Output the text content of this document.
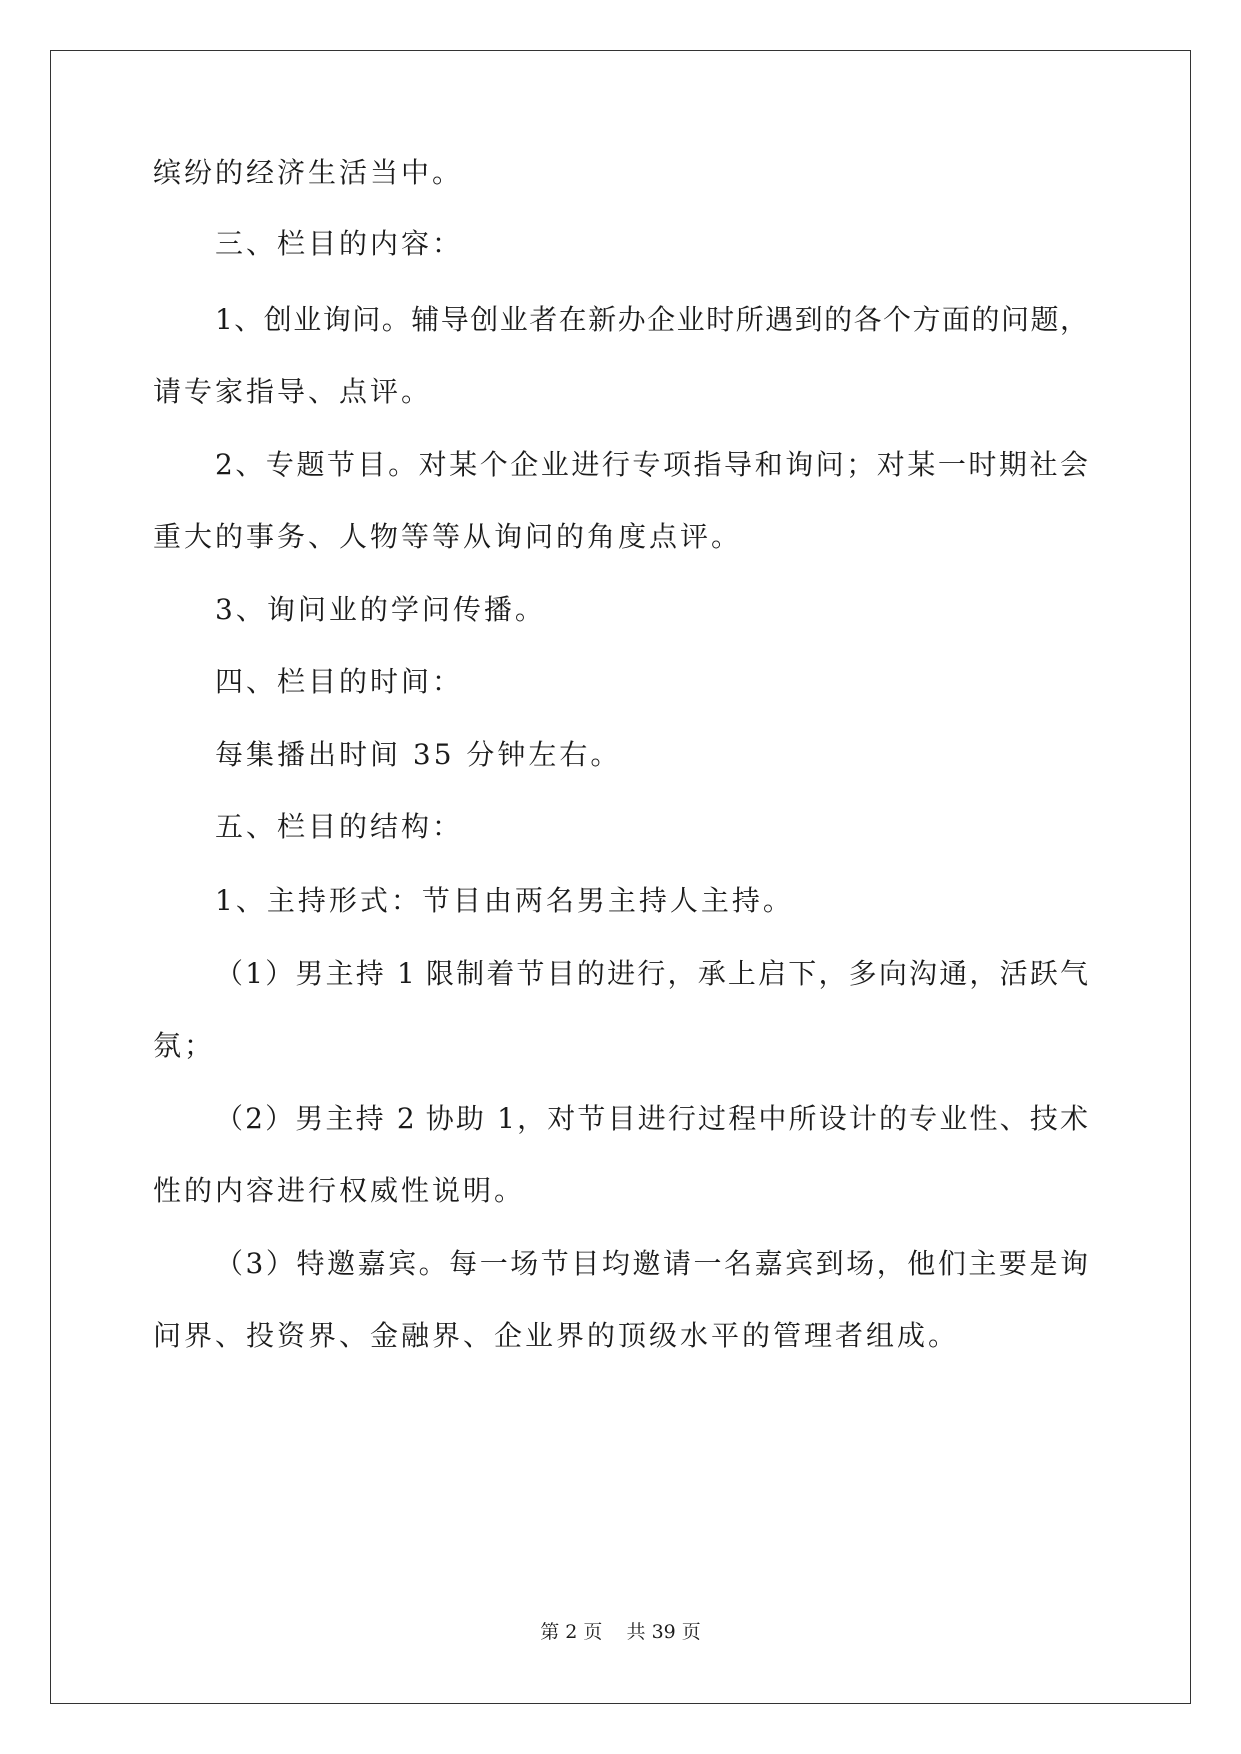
缤纷的经济生活当中。
三、栏目的内容：
1、创业询问。辅导创业者在新办企业时所遇到的各个方面的问题，
请专家指导、点评。
2、专题节目。对某个企业进行专项指导和询问；对某一时期社会
重大的事务、人物等等从询问的角度点评。
3、询问业的学问传播。
四、栏目的时间：
每集播出时间 35 分钟左右。
五、栏目的结构：
1、主持形式：节目由两名男主持人主持。
（1）男主持 1 限制着节目的进行，承上启下，多向沟通，活跃气
氛；
（2）男主持 2 协助 1，对节目进行过程中所设计的专业性、技术
性的内容进行权威性说明。
（3）特邀嘉宾。每一场节目均邀请一名嘉宾到场，他们主要是询
问界、投资界、金融界、企业界的顶级水平的管理者组成。
第 2 页    共 39 页
